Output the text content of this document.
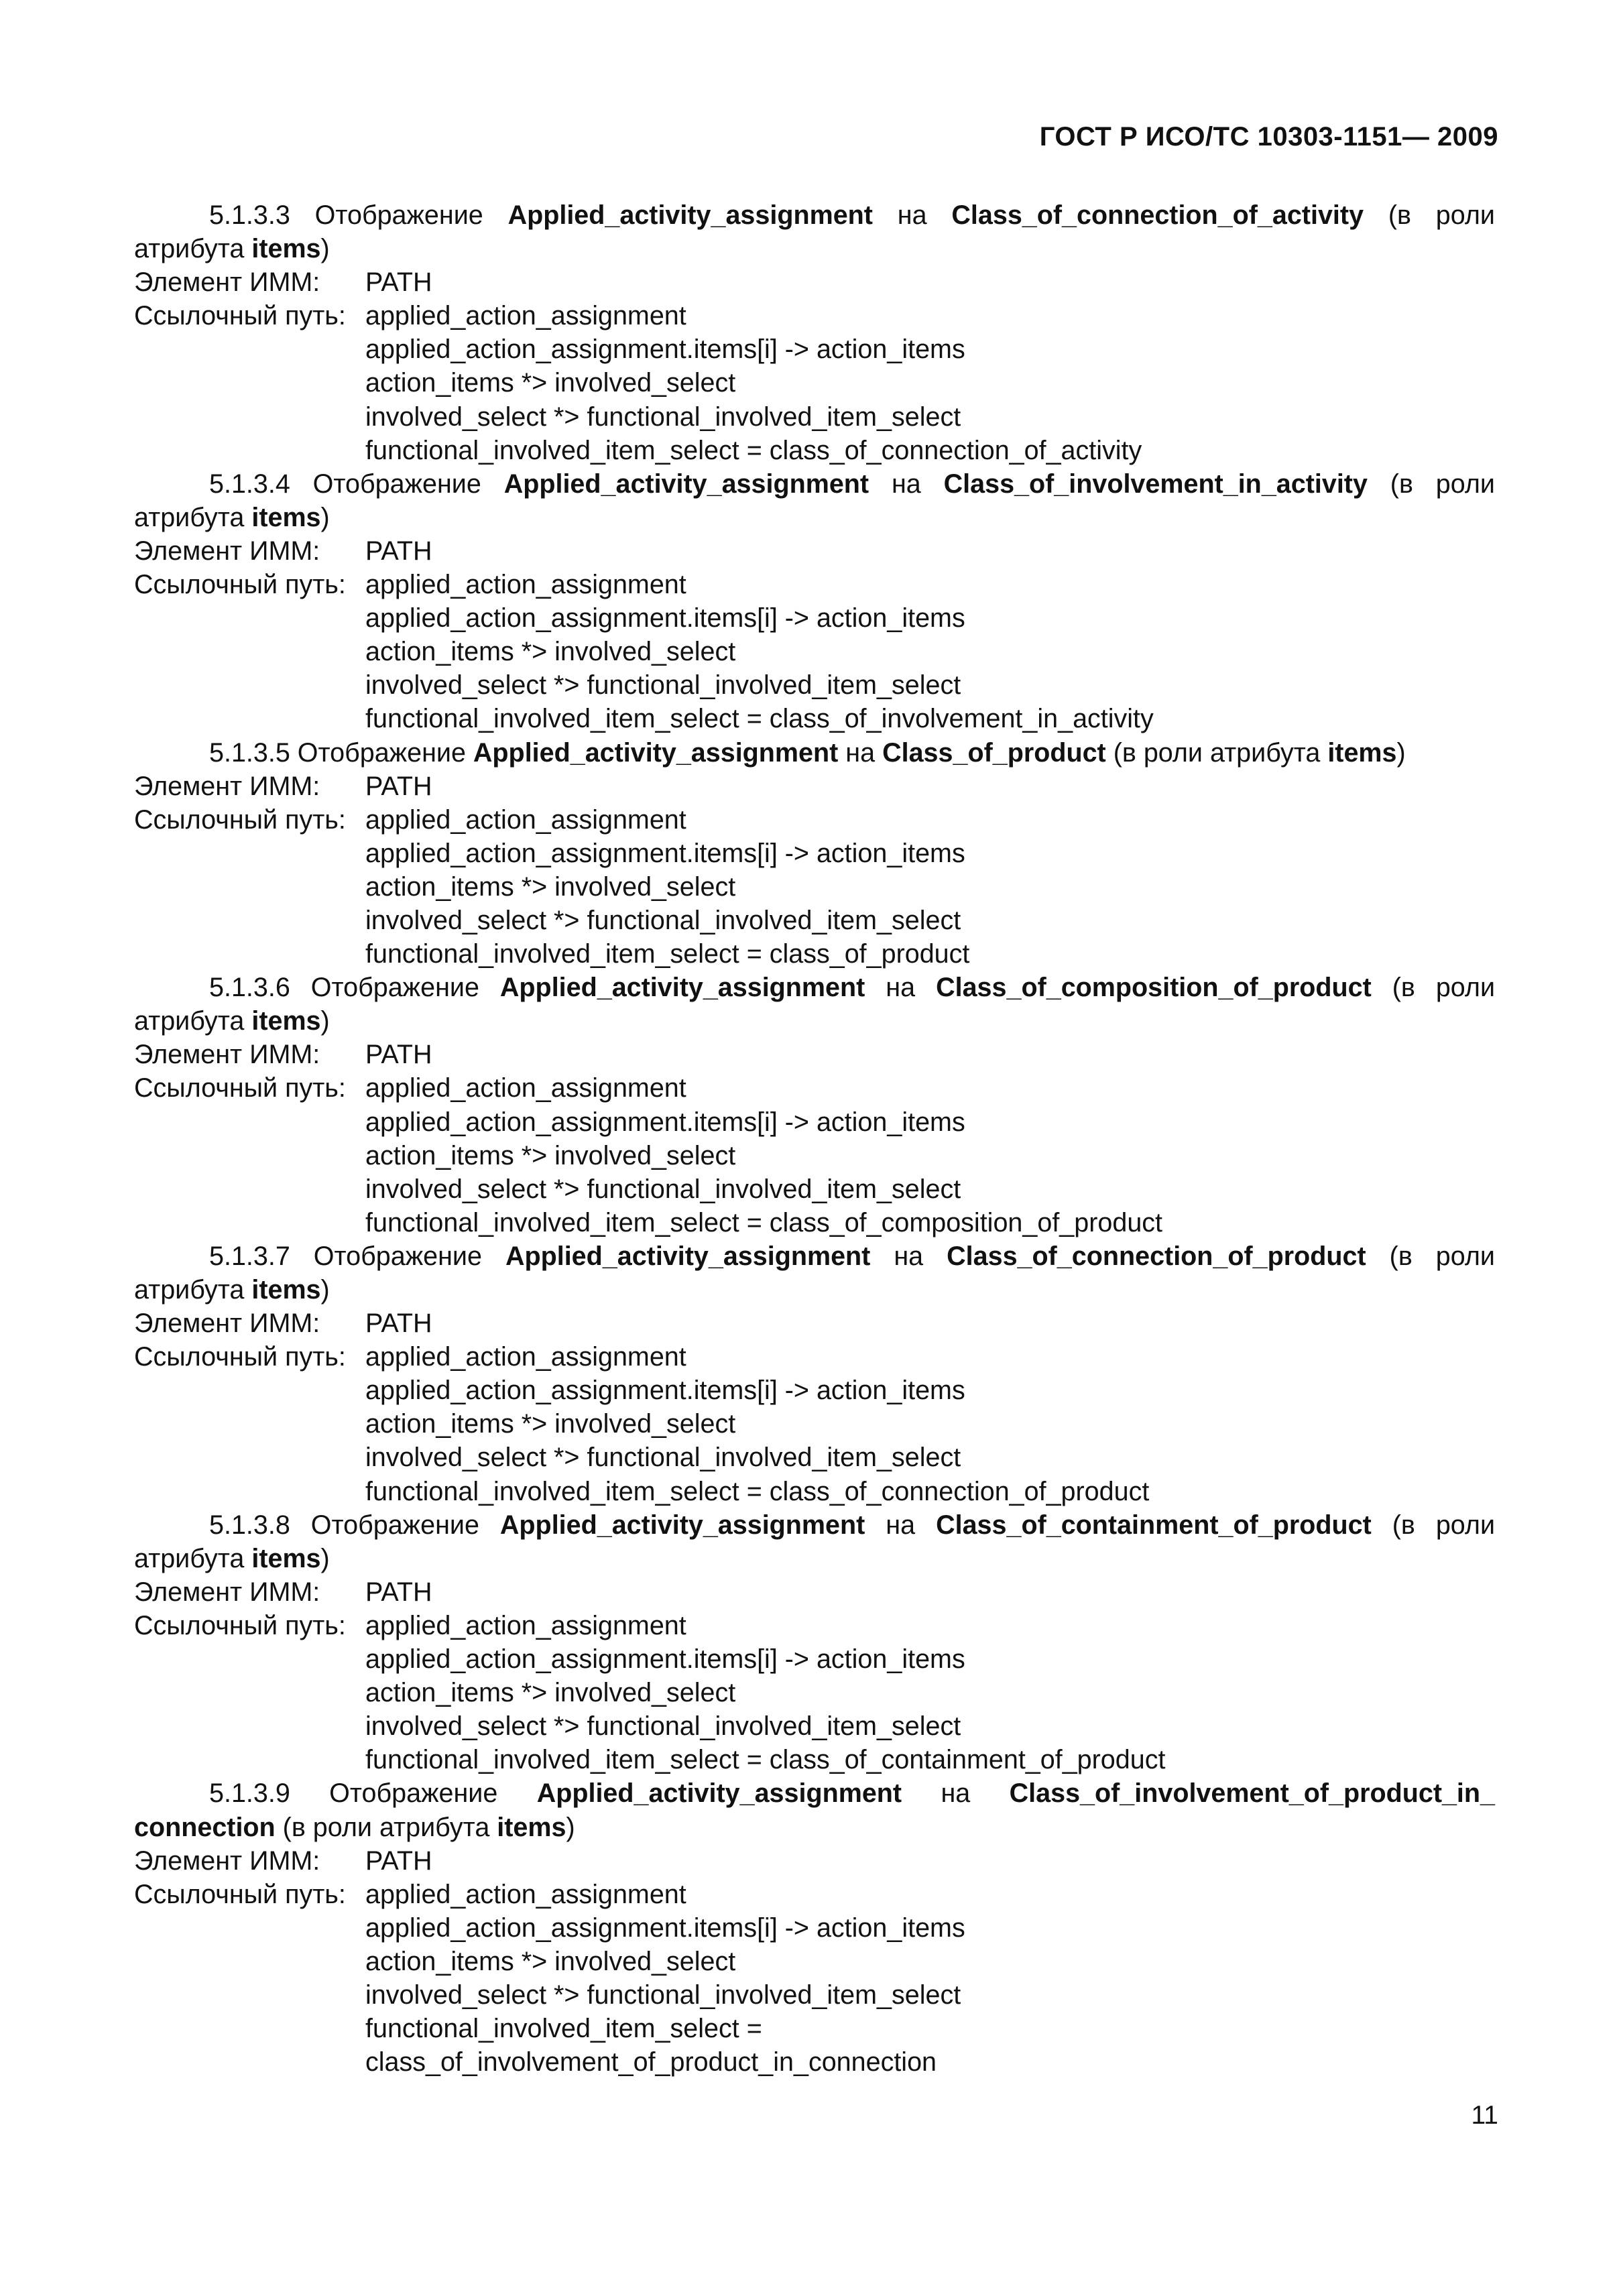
ГОСТ Р ИСО/ТС 10303-1151— 2009

5.1.3.3 Отображение Applied_activity_assignment на Class_of_connection_of_activity (в роли атрибута items)

Элемент ИММ:	PATH
Ссылочный путь: applied_action_assignment
applied_action_assignment.items[i] -> action_items
action_items *> involved_select
involved_select *> functional_involved_item_select
functional_involved_item_select = class_of_connection_of_activity

5.1.3.4 Отображение Applied_activity_assignment на Class_of_involvement_in_activity (в роли атрибута items)

Элемент ИММ:	PATH
Ссылочный путь: applied_action_assignment
applied_action_assignment.items[i] -> action_items
action_items *> involved_select
involved_select *> functional_involved_item_select
functional_involved_item_select = class_of_involvement_in_activity

5.1.3.5 Отображение Applied_activity_assignment на Class_of_product (в роли атрибута items)

Элемент ИММ:	PATH
Ссылочный путь: applied_action_assignment
applied_action_assignment.items[i] -> action_items
action_items *> involved_select
involved_select *> functional_involved_item_select
functional_involved_item_select = class_of_product

5.1.3.6 Отображение Applied_activity_assignment на Class_of_composition_of_product (в роли атрибута items)

Элемент ИММ:	PATH
Ссылочный путь: applied_action_assignment
applied_action_assignment.items[i] -> action_items
action_items *> involved_select
involved_select *> functional_involved_item_select
functional_involved_item_select = class_of_composition_of_product

5.1.3.7 Отображение Applied_activity_assignment на Class_of_connection_of_product (в роли атрибута items)

Элемент ИММ:	PATH
Ссылочный путь: applied_action_assignment
applied_action_assignment.items[i] -> action_items
action_items *> involved_select
involved_select *> functional_involved_item_select
functional_involved_item_select = class_of_connection_of_product

5.1.3.8 Отображение Applied_activity_assignment на Class_of_containment_of_product (в роли атрибута items)

Элемент ИММ:	PATH
Ссылочный путь: applied_action_assignment
applied_action_assignment.items[i] -> action_items
action_items *> involved_select
involved_select *> functional_involved_item_select
functional_involved_item_select = class_of_containment_of_product

5.1.3.9 Отображение Applied_activity_assignment на Class_of_involvement_of_product_in_ connection (в роли атрибута items)

Элемент ИММ:	PATH
Ссылочный путь: applied_action_assignment
applied_action_assignment.items[i] -> action_items
action_items *> involved_select
involved_select *> functional_involved_item_select
functional_involved_item_select =
class_of_involvement_of_product_in_connection
11
